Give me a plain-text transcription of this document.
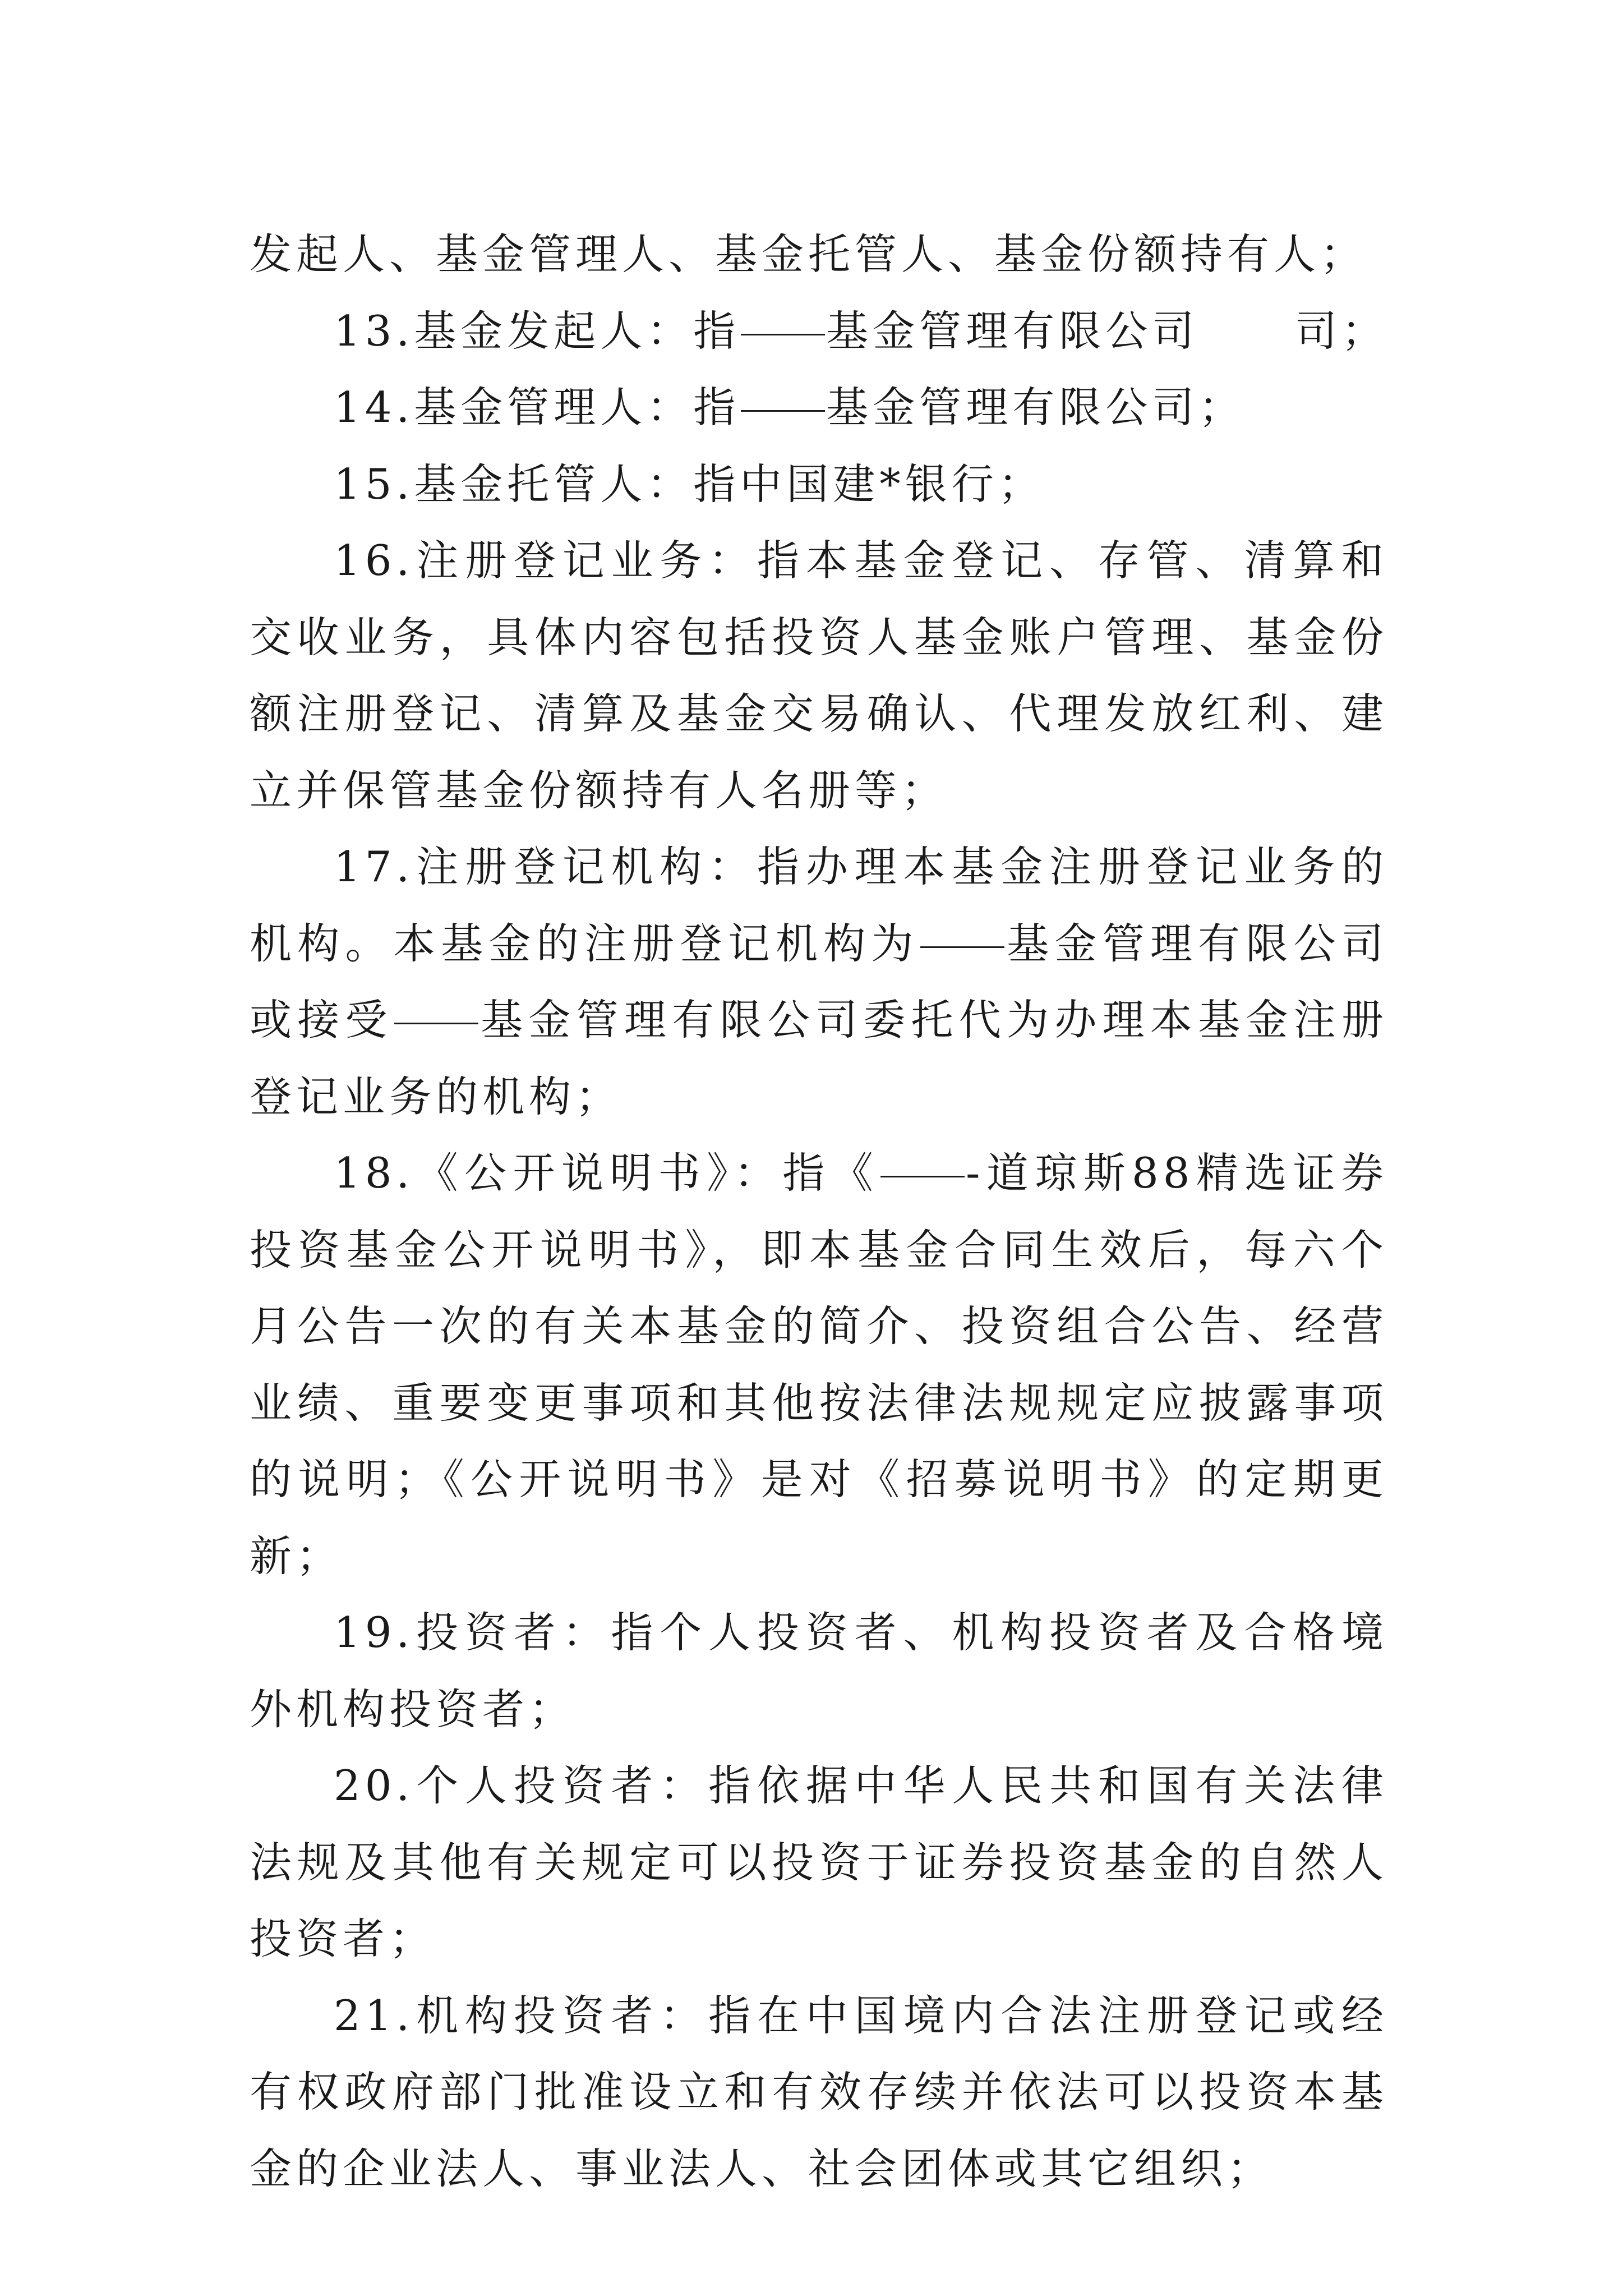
发起人、基金管理人、基金托管人、基金份额持有人；

13.基金发起人：指 基金管理有限公司	司；

14.基金管理人：指 基金管理有限公司；

15.基金托管人：指中国建*银行；

16.注册登记业务：指本基金登记、存管、清算和交收业务，具体内容包括投资人基金账户管理、基金份额注册登记、清算及基金交易确认、代理发放红利、建立并保管基金份额持有人名册等；

17.注册登记机构：指办理本基金注册登记业务的机构。本基金的注册登记机构为 基金管理有限公司或接受 基金管理有限公司委托代为办理本基金注册登记业务的机构；

18.《公开说明书》：指《 -道琼斯88精选证券投资基金公开说明书》，即本基金合同生效后，每六个月公告一次的有关本基金的简介、投资组合公告、经营业绩、重要变更事项和其他按法律法规规定应披露事项的说明；《公开说明书》是对《招募说明书》的定期更新；

19.投资者：指个人投资者、机构投资者及合格境外机构投资者；

20.个人投资者：指依据中华人民共和国有关法律法规及其他有关规定可以投资于证券投资基金的自然人投资者；

21.机构投资者：指在中国境内合法注册登记或经有权政府部门批准设立和有效存续并依法可以投资本基金的企业法人、事业法人、社会团体或其它组织；
